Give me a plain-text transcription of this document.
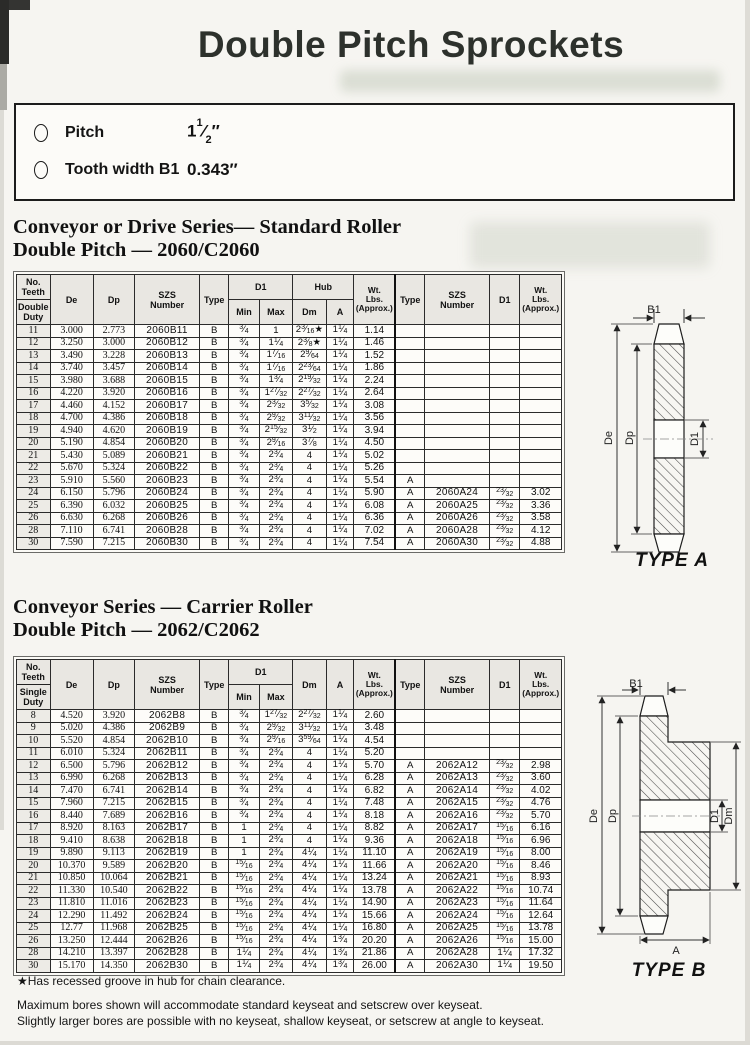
Double Pitch Sprockets
Pitch	$1^1⁄_2''$
Tooth width B1 0.343″
Conveyor or Drive Series— Standard Roller
Double Pitch — 2060/C2060
No.
Teeth
Double
Duty
	De	Dp	SZS
Number	Type	D1	Hub	Wt.
Lbs.
(Approx.)	Type	SZS
Number	D1	Wt.
Lbs.
(Approx.)
					Min	Max	Dm	A					
11	3.000	2.773	2060B11	B	$^3⁄_4$	1	$2^3⁄_{16}★$	$1^1⁄_4$	1.14				
12	3.250	3.000	2060B12	B	$^3⁄_4$	$1^1⁄_4$	$2^3⁄_8★$	$1^1⁄_4$	1.46				
13	3.490	3.228	2060B13	B	$^3⁄_4$	$1^7⁄_{16}$	$2^9⁄_{64}$	$1^1⁄_4$	1.52				
14	3.740	3.457	2060B14	B	$^3⁄_4$	$1^7⁄_{16}$	$2^{23}⁄_{64}$	$1^1⁄_4$	1.86				
15	3.980	3.688	2060B15	B	$^3⁄_4$	$1^3⁄_4$	$2^{19}⁄_{32}$	$1^1⁄_4$	2.24				
16	4.220	3.920	2060B16	B	$^3⁄_4$	$1^{27}⁄_{32}$	$2^{27}⁄_{32}$	$1^1⁄_4$	2.64				
17	4.460	4.152	2060B17	B	$^3⁄_4$	$2^3⁄_{32}$	$3^5⁄_{32}$	$1^1⁄_4$	3.08				
18	4.700	4.386	2060B18	B	$^3⁄_4$	$2^9⁄_{32}$	$3^{11}⁄_{32}$	$1^1⁄_4$	3.56				
19	4.940	4.620	2060B19	B	$^3⁄_4$	$2^{15}⁄_{32}$	$3^1⁄_2$	$1^1⁄_4$	3.94				
20	5.190	4.854	2060B20	B	$^3⁄_4$	$2^9⁄_{16}$	$3^7⁄_8$	$1^1⁄_4$	4.50				
21	5.430	5.089	2060B21	B	$^3⁄_4$	$2^3⁄_4$	4	$1^1⁄_4$	5.02				
22	5.670	5.324	2060B22	B	$^3⁄_4$	$2^3⁄_4$	4	$1^1⁄_4$	5.26				
23	5.910	5.560	2060B23	B	$^3⁄_4$	$2^3⁄_4$	4	$1^1⁄_4$	5.54	A			
24	6.150	5.796	2060B24	B	$^3⁄_4$	$2^3⁄_4$	4	$1^1⁄_4$	5.90	A	2060A24	$^{23}⁄_{32}$	3.02
25	6.390	6.032	2060B25	B	$^3⁄_4$	$2^3⁄_4$	4	$1^1⁄_4$	6.08	A	2060A25	$^{23}⁄_{32}$	3.36
26	6.630	6.268	2060B26	B	$^3⁄_4$	$2^3⁄_4$	4	$1^1⁄_4$	6.36	A	2060A26	$^{23}⁄_{32}$	3.58
28	7.110	6.741	2060B28	B	$^3⁄_4$	$2^3⁄_4$	4	$1^1⁄_4$	7.02	A	2060A28	$^{23}⁄_{32}$	4.12
30	7.590	7.215	2060B30	B	$^3⁄_4$	$2^3⁄_4$	4	$1^1⁄_4$	7.54	A	2060A30	$^{23}⁄_{32}$	4.88
B1
De Dp	D1
TYPE A
Conveyor Series — Carrier Roller
Double Pitch — 2062/C2062
No.
Teeth
Single
Duty
	De	Dp	SZS
Number	Type	D1	Dm	A	Wt.
Lbs.
(Approx.)	Type	SZS
Number	D1	Wt.
Lbs.
(Approx.)
					Min	Max							
8	4.520	3.920	2062B8	B	$^3⁄_4$	$1^{27}⁄_{32}$	$2^{27}⁄_{32}$	$1^1⁄_4$	2.60				
9	5.020	4.386	2062B9	B	$^3⁄_4$	$2^9⁄_{32}$	$3^{11}⁄_{32}$	$1^1⁄_4$	3.48				
10	5.520	4.854	2062B10	B	$^3⁄_4$	$2^9⁄_{16}$	$3^{59}⁄_{64}$	$1^1⁄_4$	4.54				
11	6.010	5.324	2062B11	B	$^3⁄_4$	$2^3⁄_4$	4	$1^1⁄_4$	5.20				
12	6.500	5.796	2062B12	B	$^3⁄_4$	$2^3⁄_4$	4	$1^1⁄_4$	5.70	A	2062A12	$^{23}⁄_{32}$	2.98
13	6.990	6.268	2062B13	B	$^3⁄_4$	$2^3⁄_4$	4	$1^1⁄_4$	6.28	A	2062A13	$^{23}⁄_{32}$	3.60
14	7.470	6.741	2062B14	B	$^3⁄_4$	$2^3⁄_4$	4	$1^1⁄_4$	6.82	A	2062A14	$^{23}⁄_{32}$	4.02
15	7.960	7.215	2062B15	B	$^3⁄_4$	$2^3⁄_4$	4	$1^1⁄_4$	7.48	A	2062A15	$^{23}⁄_{32}$	4.76
16	8.440	7.689	2062B16	B	$^3⁄_4$	$2^3⁄_4$	4	$1^1⁄_4$	8.18	A	2062A16	$^{23}⁄_{32}$	5.70
17	8.920	8.163	2062B17	B	1	$2^3⁄_4$	4	$1^1⁄_4$	8.82	A	2062A17	$^{15}⁄_{16}$	6.16
18	9.410	8.638	2062B18	B	1	$2^3⁄_4$	4	$1^1⁄_4$	9.36	A	2062A18	$^{15}⁄_{16}$	6.96
19	9.890	9.113	2062B19	B	1	$2^3⁄_4$	$4^1⁄_4$	$1^1⁄_4$	11.10	A	2062A19	$^{15}⁄_{16}$	8.00
20	10.370	9.589	2062B20	B	$^{15}⁄_{16}$	$2^3⁄_4$	$4^1⁄_4$	$1^1⁄_4$	11.66	A	2062A20	$^{15}⁄_{16}$	8.46
21	10.850	10.064	2062B21	B	$^{15}⁄_{16}$	$2^3⁄_4$	$4^1⁄_4$	$1^1⁄_4$	13.24	A	2062A21	$^{15}⁄_{16}$	8.93
22	11.330	10.540	2062B22	B	$^{15}⁄_{16}$	$2^3⁄_4$	$4^1⁄_4$	$1^1⁄_4$	13.78	A	2062A22	$^{15}⁄_{16}$	10.74
23	11.810	11.016	2062B23	B	$^{15}⁄_{16}$	$2^3⁄_4$	$4^1⁄_4$	$1^1⁄_4$	14.90	A	2062A23	$^{15}⁄_{16}$	11.64
24	12.290	11.492	2062B24	B	$^{15}⁄_{16}$	$2^3⁄_4$	$4^1⁄_4$	$1^1⁄_4$	15.66	A	2062A24	$^{15}⁄_{16}$	12.64
25	12.77	11.968	2062B25	B	$^{15}⁄_{16}$	$2^3⁄_4$	$4^1⁄_4$	$1^1⁄_4$	16.80	A	2062A25	$^{15}⁄_{16}$	13.78
26	13.250	12.444	2062B26	B	$^{15}⁄_{16}$	$2^3⁄_4$	$4^1⁄_4$	$1^3⁄_4$	20.20	A	2062A26	$^{15}⁄_{16}$	15.00
28	14.210	13.397	2062B28	B	$1^1⁄_4$	$2^3⁄_4$	$4^1⁄_4$	$1^3⁄_4$	21.86	A	2062A28	$1^1⁄_4$	17.32
30	15.170	14.350	2062B30	B	$1^1⁄_4$	$2^3⁄_4$	$4^1⁄_4$	$1^3⁄_4$	26.00	A	2062A30	$1^1⁄_4$	19.50
B1
De Dp	D1 Dm
A
TYPE B
★Has recessed groove in hub for chain clearance.
Maximum bores shown will accommodate standard keyseat and setscrew over keyseat.
Slightly larger bores are possible with no keyseat, shallow keyseat, or setscrew at angle to keyseat.
